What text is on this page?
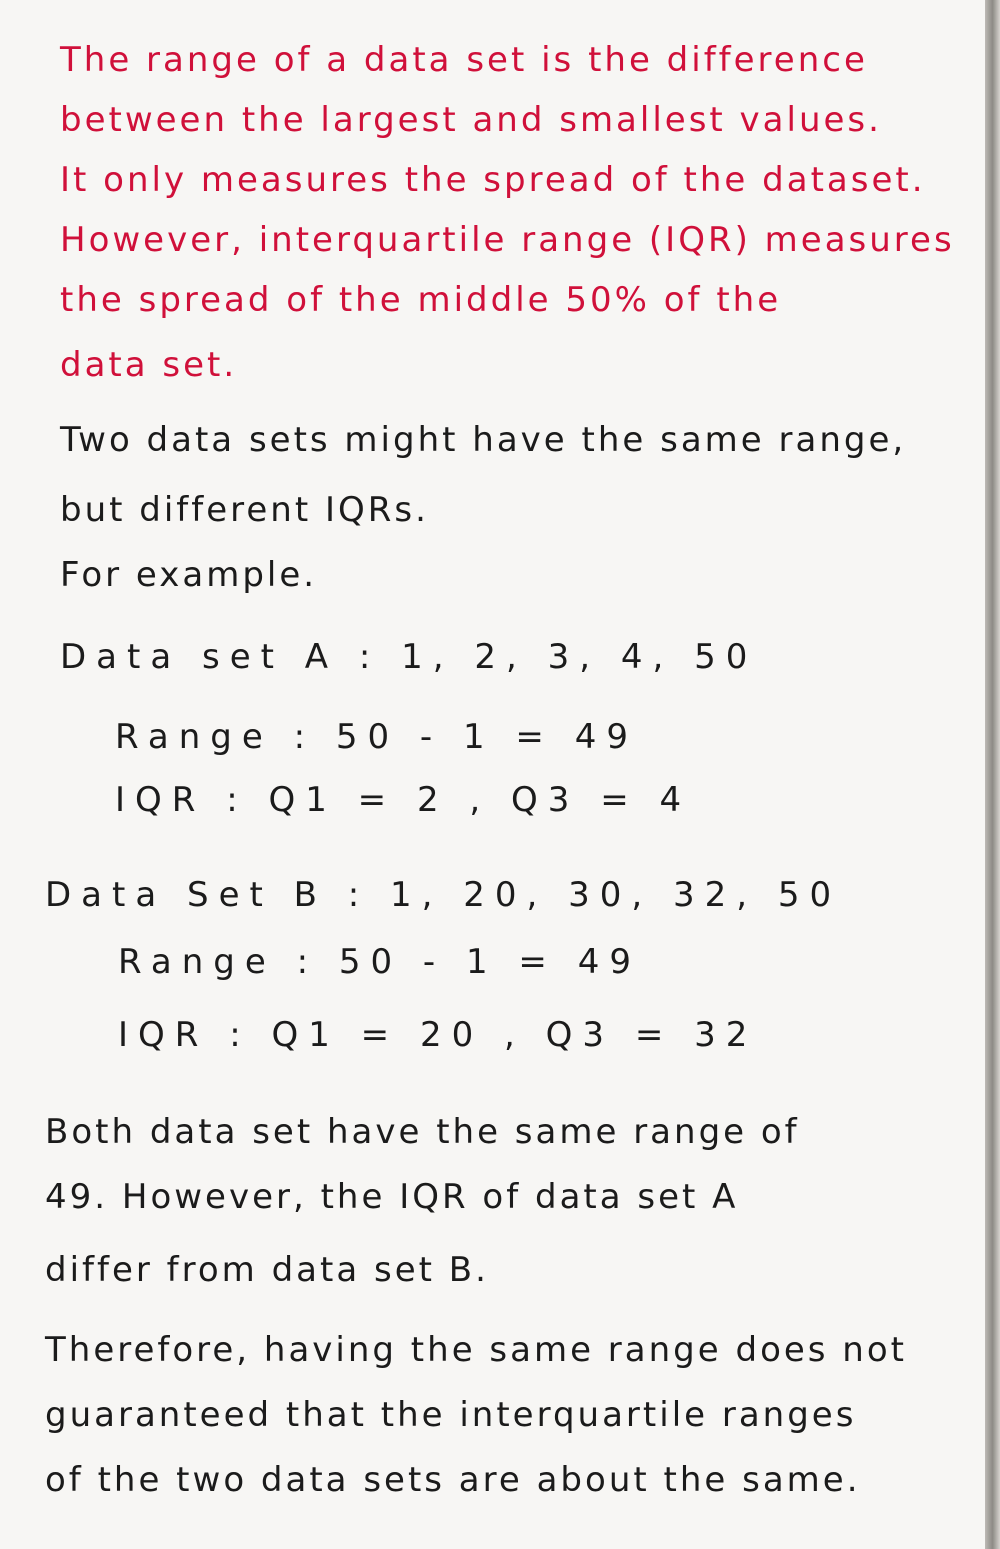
The range of a data set is the difference
between the largest and smallest values.
It only measures the spread of the dataset.
However, interquartile range (IQR) measures
the spread of the middle 50% of the
data set.
Two data sets might have the same range,
but different IQRs.
For example.
Data set A : 1, 2, 3, 4, 50
Range : 50 - 1 = 49
IQR : Q1 = 2 , Q3 = 4
Data Set B : 1, 20, 30, 32, 50
Range : 50 - 1 = 49
IQR : Q1 = 20 , Q3 = 32
Both data set have the same range of
49. However, the IQR of data set A
differ from data set B.
Therefore, having the same range does not
guaranteed that the interquartile ranges
of the two data sets are about the same.
